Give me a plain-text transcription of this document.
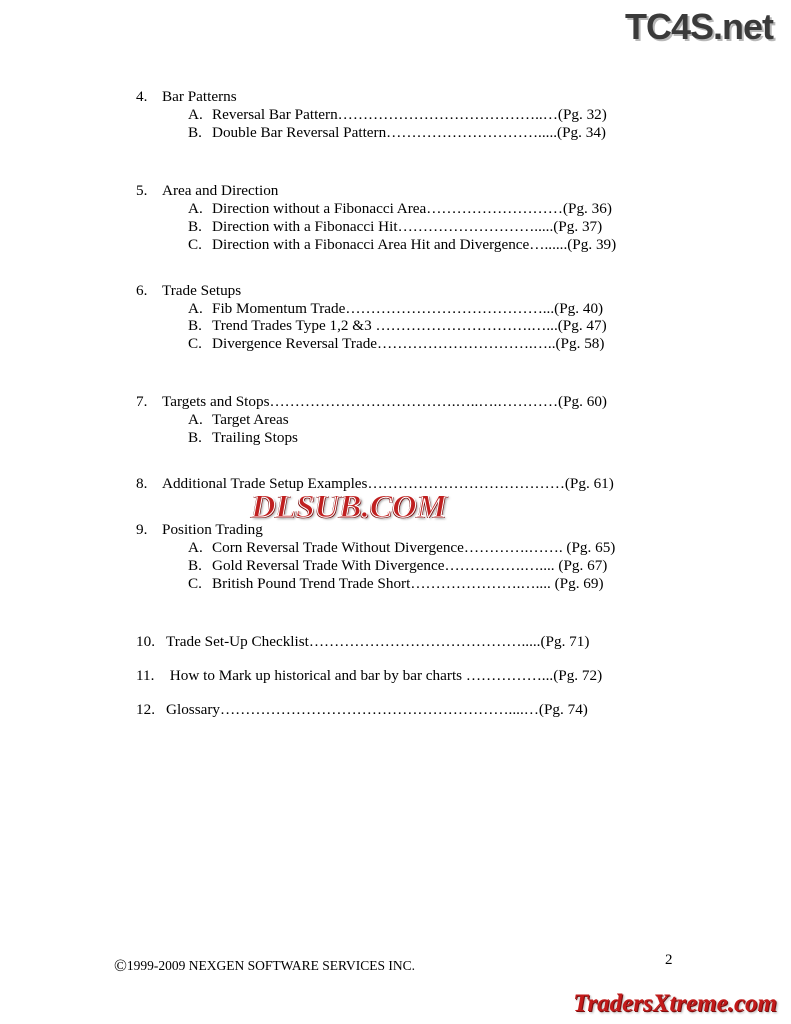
TC4S.net
4. Bar Patterns
A. Reversal Bar Pattern…………………………………..…(Pg. 32)
B. Double Bar Reversal Pattern………………………….....(Pg. 34)
5. Area and Direction
A. Direction without a Fibonacci Area………………………(Pg. 36)
B. Direction with a Fibonacci Hit……………………….....(Pg. 37)
C. Direction with a Fibonacci Area Hit and Divergence…......(Pg. 39)
6. Trade Setups
A. Fib Momentum Trade…………………………………...(Pg. 40)
B. Trend Trades Type 1,2 &3 ………………………….…...(Pg. 47)
C. Divergence Reversal Trade………………………….…..(Pg. 58)
7. Targets and Stops……………………………….…..….…………(Pg. 60)
A. Target Areas
B. Trailing Stops
8. Additional Trade Setup Examples…………………………………(Pg. 61)
9. Position Trading
A. Corn Reversal Trade Without Divergence………….……. (Pg. 65)
B. Gold Reversal Trade With Divergence…………….….... (Pg. 67)
C. British Pound Trend Trade Short………………….….... (Pg. 69)
10. Trade Set-Up Checklist…………………………………….....(Pg. 71)
11. How to Mark up historical and bar by bar charts ……………...(Pg. 72)
12. Glossary…………………………………………………....…(Pg. 74)
DLSUB.COM
©1999-2009 NEXGEN SOFTWARE SERVICES INC.	2
TradersXtreme.com
